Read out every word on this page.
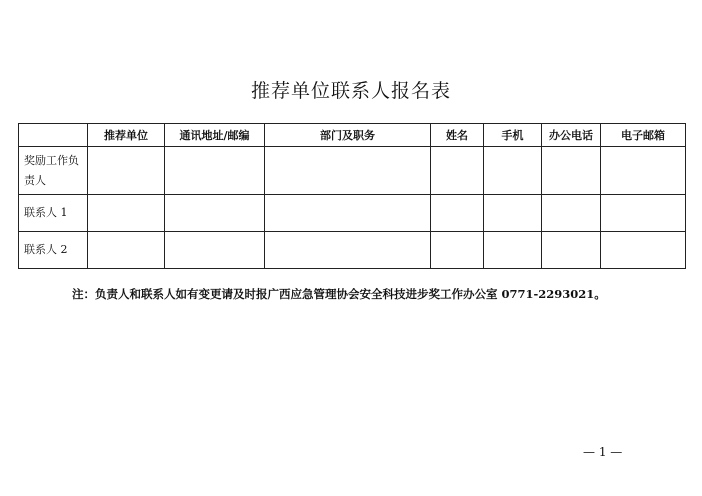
推荐单位联系人报名表
	推荐单位	通讯地址/邮编	部门及职务	姓名	手机	办公电话	电子邮箱
奖励工作负责人							
联系人 1							
联系人 2							
注：负责人和联系人如有变更请及时报广西应急管理协会安全科技进步奖工作办公室 0771-2293021。
— 1 —
